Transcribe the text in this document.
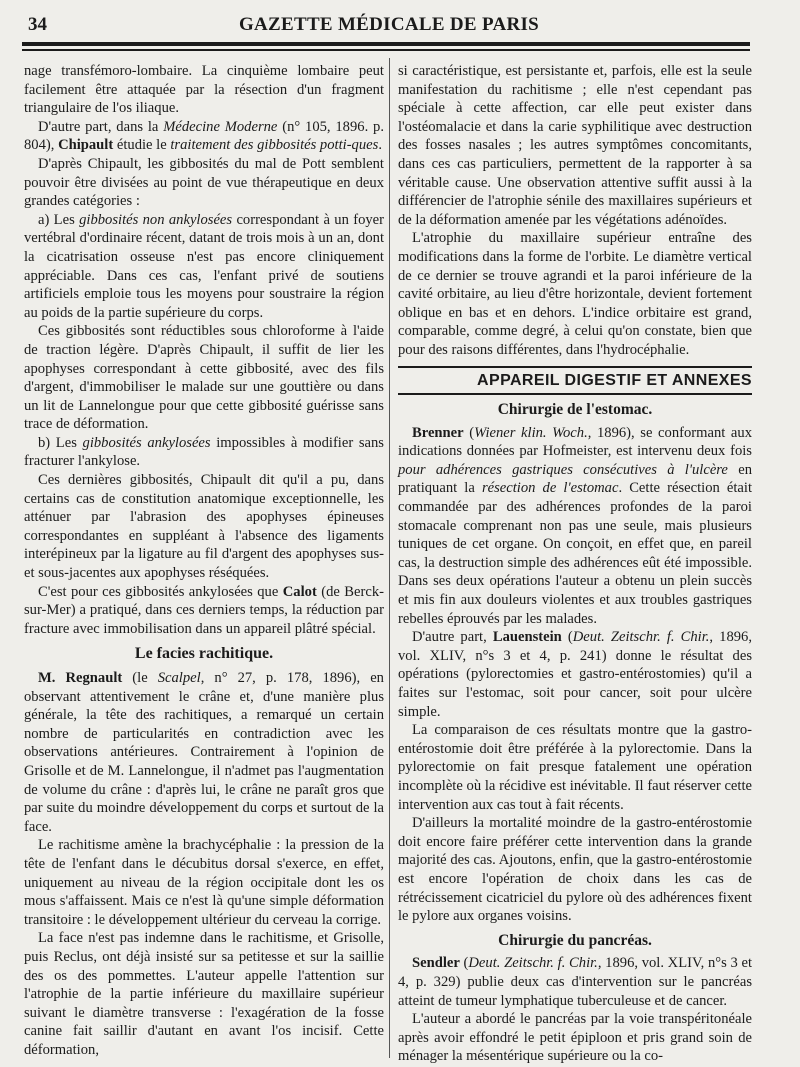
34	GAZETTE MÉDICALE DE PARIS

nage transfémoro-lombaire. La cinquième lombaire peut facilement être attaquée par la résection d'un fragment triangulaire de l'os iliaque.

D'autre part, dans la Médecine Moderne (n° 105, 1896. p. 804), Chipault étudie le traitement des gibbosités potti-ques.

D'après Chipault, les gibbosités du mal de Pott semblent pouvoir être divisées au point de vue thérapeutique en deux grandes catégories :

a) Les gibbosités non ankylosées correspondant à un foyer vertébral d'ordinaire récent, datant de trois mois à un an, dont la cicatrisation osseuse n'est pas encore cliniquement appréciable. Dans ces cas, l'enfant privé de soutiens artificiels emploie tous les moyens pour soustraire la région au poids de la partie supérieure du corps.

Ces gibbosités sont réductibles sous chloroforme à l'aide de traction légère. D'après Chipault, il suffit de lier les apophyses correspondant à cette gibbosité, avec des fils d'argent, d'immobiliser le malade sur une gouttière ou dans un lit de Lannelongue pour que cette gibbosité guérisse sans trace de déformation.

b) Les gibbosités ankylosées impossibles à modifier sans fracturer l'ankylose.

Ces dernières gibbosités, Chipault dit qu'il a pu, dans certains cas de constitution anatomique exceptionnelle, les atténuer par l'abrasion des apophyses épineuses correspondantes en suppléant à l'absence des ligaments interépineux par la ligature au fil d'argent des apophyses sus- et sous-jacentes aux apophyses réséquées.

C'est pour ces gibbosités ankylosées que Calot (de Berck-sur-Mer) a pratiqué, dans ces derniers temps, la réduction par fracture avec immobilisation dans un appareil plâtré spécial.

Le facies rachitique.

M. Regnault (le Scalpel, n° 27, p. 178, 1896), en observant attentivement le crâne et, d'une manière plus générale, la tête des rachitiques, a remarqué un certain nombre de particularités en contradiction avec les observations antérieures. Contrairement à l'opinion de Grisolle et de M. Lannelongue, il n'admet pas l'augmentation de volume du crâne : d'après lui, le crâne ne paraît gros que par suite du moindre développement du corps et surtout de la face.

Le rachitisme amène la brachycéphalie : la pression de la tête de l'enfant dans le décubitus dorsal s'exerce, en effet, uniquement au niveau de la région occipitale dont les os mous s'affaissent. Mais ce n'est là qu'une simple déformation transitoire : le développement ultérieur du cerveau la corrige.

La face n'est pas indemne dans le rachitisme, et Grisolle, puis Reclus, ont déjà insisté sur sa petitesse et sur la saillie des os des pommettes. L'auteur appelle l'attention sur l'atrophie de la partie inférieure du maxillaire supérieur suivant le diamètre transverse : l'exagération de la fosse canine fait saillir d'autant en avant l'os incisif. Cette déformation,

si caractéristique, est persistante et, parfois, elle est la seule manifestation du rachitisme ; elle n'est cependant pas spéciale à cette affection, car elle peut exister dans l'ostéomalacie et dans la carie syphilitique avec destruction des fosses nasales ; les autres symptômes concomitants, dans ces cas particuliers, permettent de la rapporter à sa véritable cause. Une observation attentive suffit aussi à la différencier de l'atrophie sénile des maxillaires supérieurs et de la déformation amenée par les végétations adénoïdes.

L'atrophie du maxillaire supérieur entraîne des modifications dans la forme de l'orbite. Le diamètre vertical de ce dernier se trouve agrandi et la paroi inférieure de la cavité orbitaire, au lieu d'être horizontale, devient fortement oblique en bas et en dehors. L'indice orbitaire est grand, comparable, comme degré, à celui qu'on constate, bien que pour des raisons différentes, dans l'hydrocéphalie.

APPAREIL DIGESTIF ET ANNEXES
Chirurgie de l'estomac.

Brenner (Wiener klin. Woch., 1896), se conformant aux indications données par Hofmeister, est intervenu deux fois pour adhérences gastriques consécutives à l'ulcère en pratiquant la résection de l'estomac. Cette résection était commandée par des adhérences profondes de la paroi stomacale comprenant non pas une seule, mais plusieurs tuniques de cet organe. On conçoit, en effet que, en pareil cas, la destruction simple des adhérences eût été impossible. Dans ses deux opérations l'auteur a obtenu un plein succès et mis fin aux douleurs violentes et aux troubles gastriques rebelles éprouvés par les malades.

D'autre part, Lauenstein (Deut. Zeitschr. f. Chir., 1896, vol. XLIV, n°s 3 et 4, p. 241) donne le résultat des opérations (pylorectomies et gastro-entérostomies) qu'il a faites sur l'estomac, soit pour cancer, soit pour ulcère simple.

La comparaison de ces résultats montre que la gastro-entérostomie doit être préférée à la pylorectomie. Dans la pylorectomie on fait presque fatalement une opération incomplète où la récidive est inévitable. Il faut réserver cette intervention aux cas tout à fait récents.

D'ailleurs la mortalité moindre de la gastro-entérostomie doit encore faire préférer cette intervention dans la grande majorité des cas. Ajoutons, enfin, que la gastro-entérostomie est encore l'opération de choix dans les cas de rétrécissement cicatriciel du pylore où des adhérences fixent le pylore aux organes voisins.

Chirurgie du pancréas.

Sendler (Deut. Zeitschr. f. Chir., 1896, vol. XLIV, n°s 3 et 4, p. 329) publie deux cas d'intervention sur le pancréas atteint de tumeur lymphatique tuberculeuse et de cancer.

L'auteur a abordé le pancréas par la voie transpéritonéale après avoir effondré le petit épiploon et pris grand soin de ménager la mésentérique supérieure ou la co-
